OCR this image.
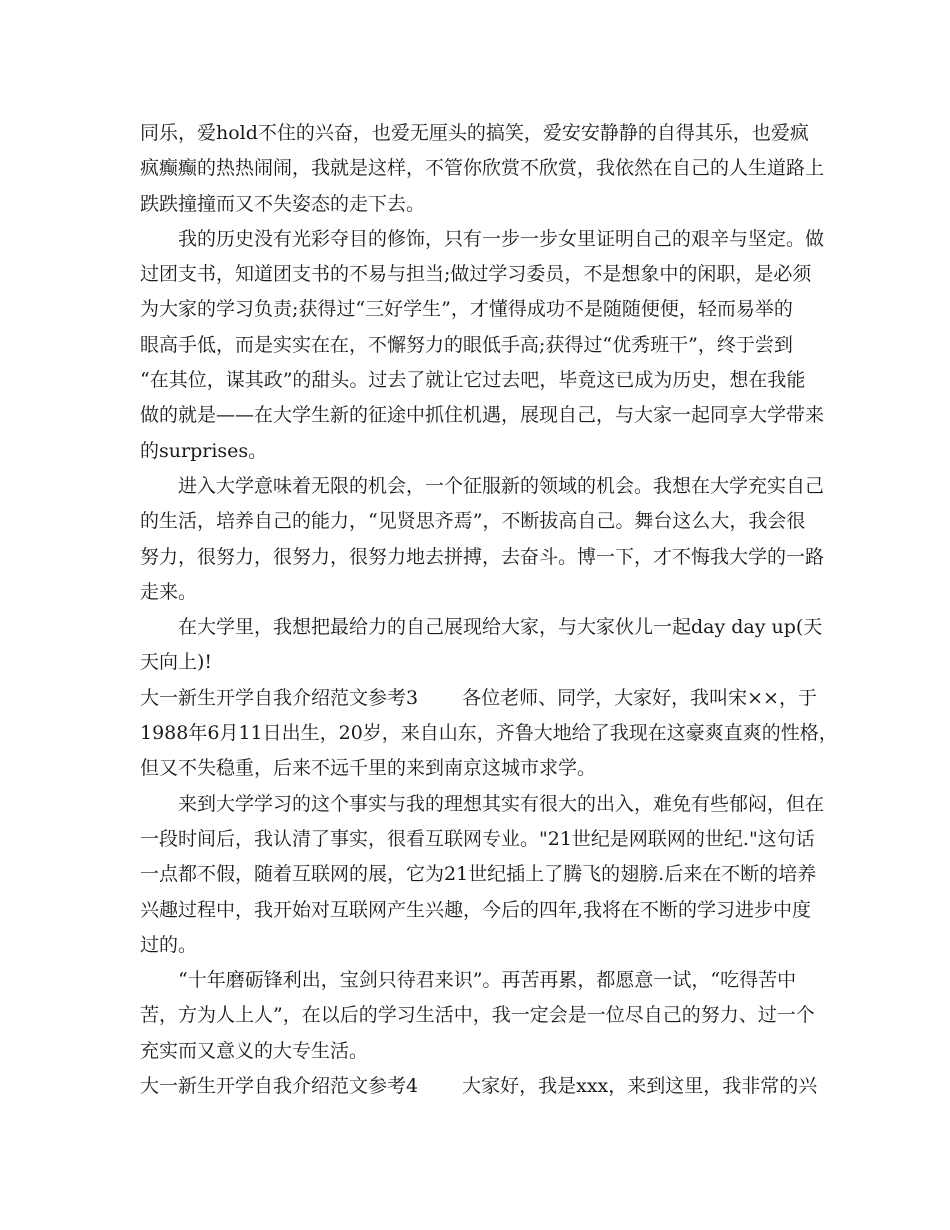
同乐，爱hold不住的兴奋，也爱无厘头的搞笑，爱安安静静的自得其乐，也爱疯
疯癫癫的热热闹闹，我就是这样，不管你欣赏不欣赏，我依然在自己的人生道路上
跌跌撞撞而又不失姿态的走下去。
　　我的历史没有光彩夺目的修饰，只有一步一步女里证明自己的艰辛与坚定。做
过团支书，知道团支书的不易与担当;做过学习委员，不是想象中的闲职，是必须
为大家的学习负责;获得过“三好学生”，才懂得成功不是随随便便，轻而易举的
眼高手低，而是实实在在，不懈努力的眼低手高;获得过“优秀班干”，终于尝到
“在其位，谋其政”的甜头。过去了就让它过去吧，毕竟这已成为历史，想在我能
做的就是——在大学生新的征途中抓住机遇，展现自己，与大家一起同享大学带来
的surprises。
　　进入大学意味着无限的机会，一个征服新的领域的机会。我想在大学充实自己
的生活，培养自己的能力，“见贤思齐焉”，不断拔高自己。舞台这么大，我会很
努力，很努力，很努力，很努力地去拼搏，去奋斗。博一下，才不悔我大学的一路
走来。
　　在大学里，我想把最给力的自己展现给大家，与大家伙儿一起day day up(天
天向上)!
大一新生开学自我介绍范文参考3　　 各位老师、同学，大家好，我叫宋××，于
1988年6月11日出生，20岁，来自山东，齐鲁大地给了我现在这豪爽直爽的性格，
但又不失稳重，后来不远千里的来到南京这城市求学。
　　来到大学学习的这个事实与我的理想其实有很大的出入，难免有些郁闷，但在
一段时间后，我认清了事实，很看互联网专业。"21世纪是网联网的世纪."这句话
一点都不假，随着互联网的展，它为21世纪插上了腾飞的翅膀.后来在不断的培养
兴趣过程中，我开始对互联网产生兴趣，今后的四年,我将在不断的学习进步中度
过的。
　　“十年磨砺锋利出，宝剑只待君来识”。再苦再累，都愿意一试，“吃得苦中
苦，方为人上人”，在以后的学习生活中，我一定会是一位尽自己的努力、过一个
充实而又意义的大专生活。
大一新生开学自我介绍范文参考4　　 大家好，我是xxx，来到这里，我非常的兴
